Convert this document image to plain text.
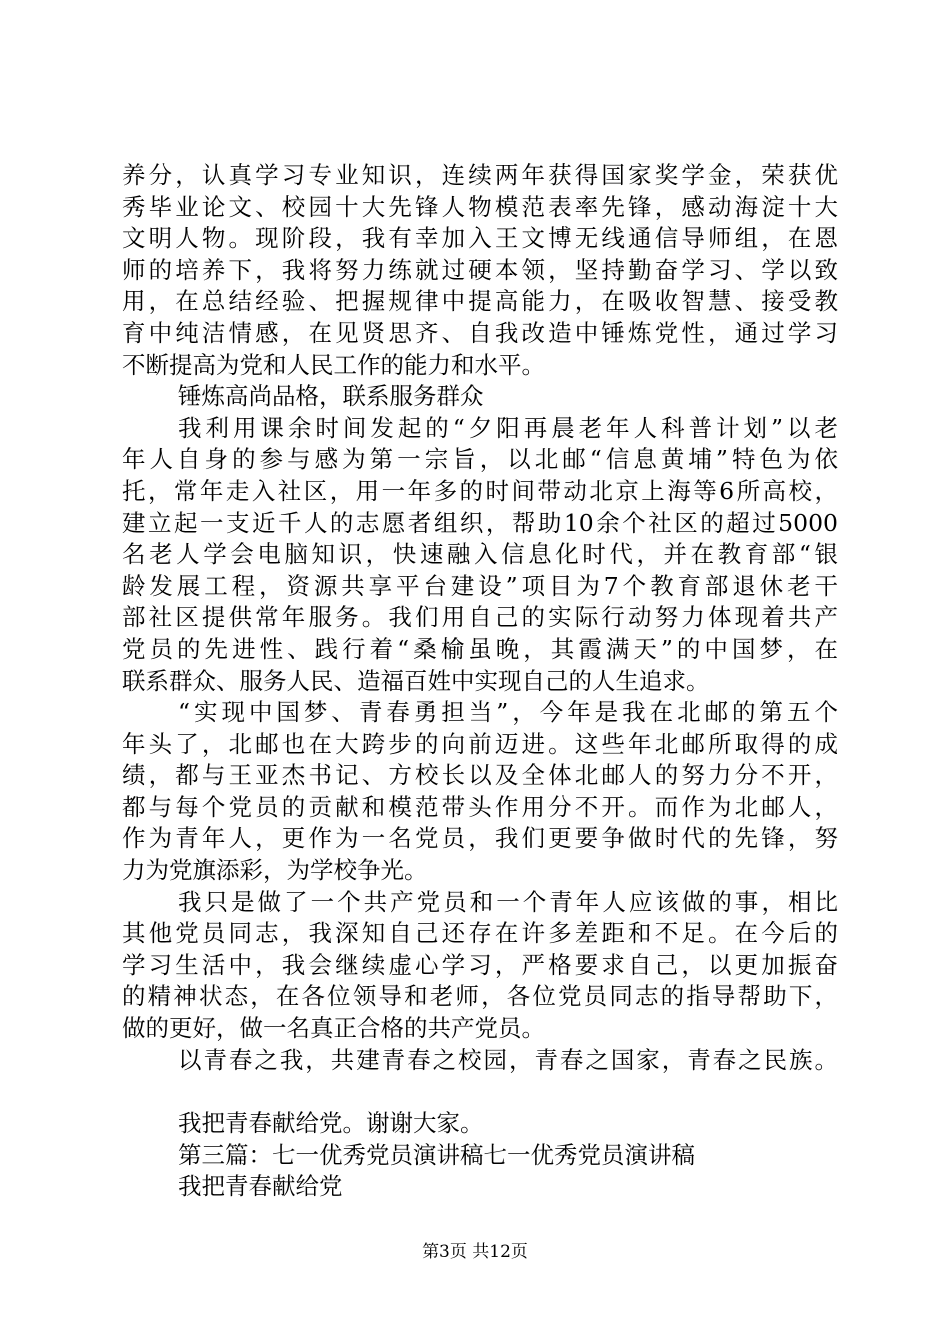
养分，认真学习专业知识，连续两年获得国家奖学金，荣获优
秀毕业论文、校园十大先锋人物模范表率先锋，感动海淀十大
文明人物。现阶段，我有幸加入王文博无线通信导师组，在恩
师的培养下，我将努力练就过硬本领，坚持勤奋学习、学以致
用，在总结经验、把握规律中提高能力，在吸收智慧、接受教
育中纯洁情感，在见贤思齐、自我改造中锤炼党性，通过学习
不断提高为党和人民工作的能力和水平。
锤炼高尚品格，联系服务群众
我利用课余时间发起的“夕阳再晨老年人科普计划”以老
年人自身的参与感为第一宗旨，以北邮“信息黄埔”特色为依
托，常年走入社区，用一年多的时间带动北京上海等6所高校，
建立起一支近千人的志愿者组织，帮助10余个社区的超过5000
名老人学会电脑知识，快速融入信息化时代，并在教育部“银
龄发展工程，资源共享平台建设”项目为7个教育部退休老干
部社区提供常年服务。我们用自己的实际行动努力体现着共产
党员的先进性、践行着“桑榆虽晚，其霞满天”的中国梦，在
联系群众、服务人民、造福百姓中实现自己的人生追求。
“实现中国梦、青春勇担当”，今年是我在北邮的第五个
年头了，北邮也在大跨步的向前迈进。这些年北邮所取得的成
绩，都与王亚杰书记、方校长以及全体北邮人的努力分不开，
都与每个党员的贡献和模范带头作用分不开。而作为北邮人，
作为青年人，更作为一名党员，我们更要争做时代的先锋，努
力为党旗添彩，为学校争光。
我只是做了一个共产党员和一个青年人应该做的事，相比
其他党员同志，我深知自己还存在许多差距和不足。在今后的
学习生活中，我会继续虚心学习，严格要求自己，以更加振奋
的精神状态，在各位领导和老师，各位党员同志的指导帮助下，
做的更好，做一名真正合格的共产党员。
以青春之我，共建青春之校园，青春之国家，青春之民族。
我把青春献给党。谢谢大家。
第三篇：七一优秀党员演讲稿七一优秀党员演讲稿
我把青春献给党
第3页 共12页
